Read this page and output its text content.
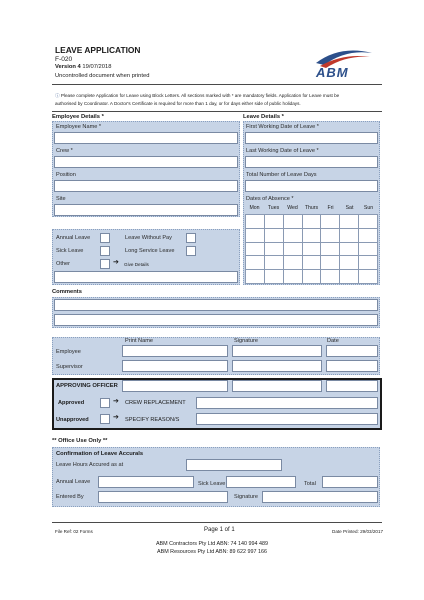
LEAVE APPLICATION
F-020
Version 4 19/07/2018
Uncontrolled document when printed	ABM
ⓘ Please complete Application for Leave using Block Letters. All sections marked with * are mandatory fields. Application for Leave must be
authorised by Coordinator. A Doctor's Certificate is required for more than 1 day, or for days either side of public holidays.
Employee Details *
Employee Name *
Crew *
Position
Site
Leave Details *
First Working Date of Leave *
Last Working Date of Leave *
Total Number of Leave Days
Dates of Absence *
Mon	Tues	Wed	Thurs	Fri	Sat	Sun

Annual Leave	Leave Without Pay
Sick Leave	Long Service Leave
Other	➔ Give Details
Comments
Print Name	Signature	Date
Employee
Supervisor
APPROVING OFFICER
Approved	➔ CREW REPLACEMENT
Unapproved	➔ SPECIFY REASON/S
** Office Use Only **
Confirmation of Leave Accurals
Leave Hours Accured as at
Annual Leave	Sick Leave	Total
Entered By	Signature
File Ref: 02 Forms	Page 1 of 1	Date Printed: 29/03/2017
ABM Contractors Pty Ltd ABN: 74 140 994 489
ABM Resources Pty Ltd ABN: 89 622 997 166
